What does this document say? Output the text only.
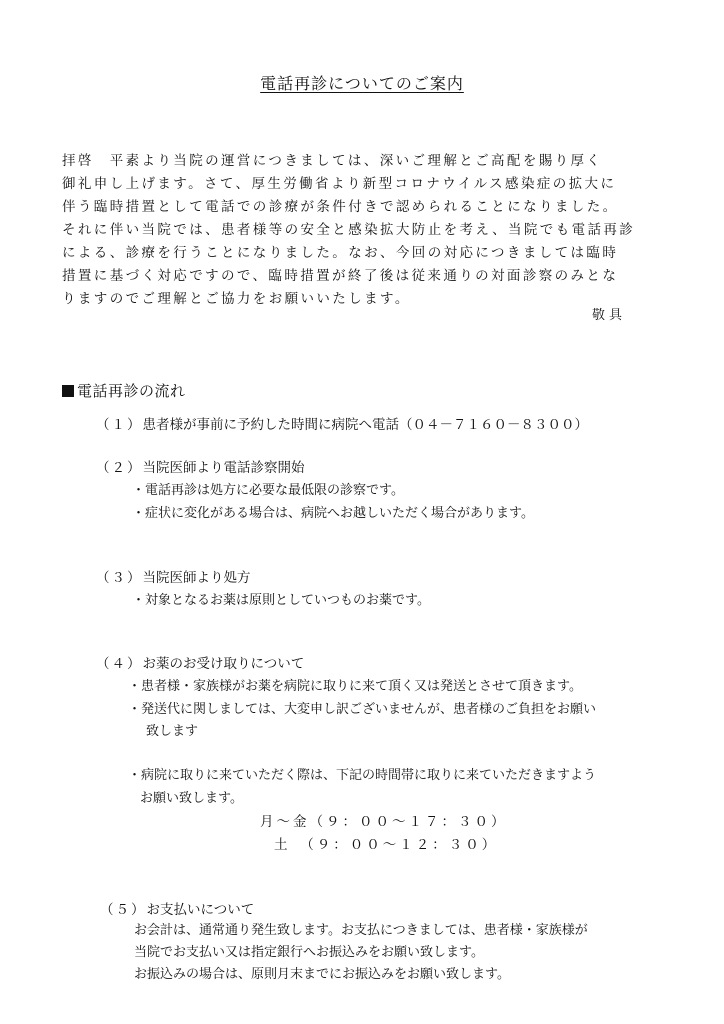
電話再診についてのご案内
拝啓　平素より当院の運営につきましては、深いご理解とご高配を賜り厚く
御礼申し上げます。さて、厚生労働省より新型コロナウイルス感染症の拡大に
伴う臨時措置として電話での診療が条件付きで認められることになりました。
それに伴い当院では、患者様等の安全と感染拡大防止を考え、当院でも電話再診
による、診療を行うことになりました。なお、今回の対応につきましては臨時
措置に基づく対応ですので、臨時措置が終了後は従来通りの対面診察のみとな
りますのでご理解とご協力をお願いいたします。
敬具
電話再診の流れ
（１）患者様が事前に予約した時間に病院へ電話（０４－７１６０－８３００）
（２）当院医師より電話診察開始
・電話再診は処方に必要な最低限の診察です。
・症状に変化がある場合は、病院へお越しいただく場合があります。
（３）当院医師より処方
・対象となるお薬は原則としていつものお薬です。
（４）お薬のお受け取りについて
・患者様・家族様がお薬を病院に取りに来て頂く又は発送とさせて頂きます。
・発送代に関しましては、大変申し訳ございませんが、患者様のご負担をお願い
致します
・病院に取りに来ていただく際は、下記の時間帯に取りに来ていただきますよう
お願い致します。
月～金（９：００～１７：３０）
土　（９：００～１２：３０）
（５）お支払いについて
お会計は、通常通り発生致します。お支払につきましては、患者様・家族様が
当院でお支払い又は指定銀行へお振込みをお願い致します。
お振込みの場合は、原則月末までにお振込みをお願い致します。
